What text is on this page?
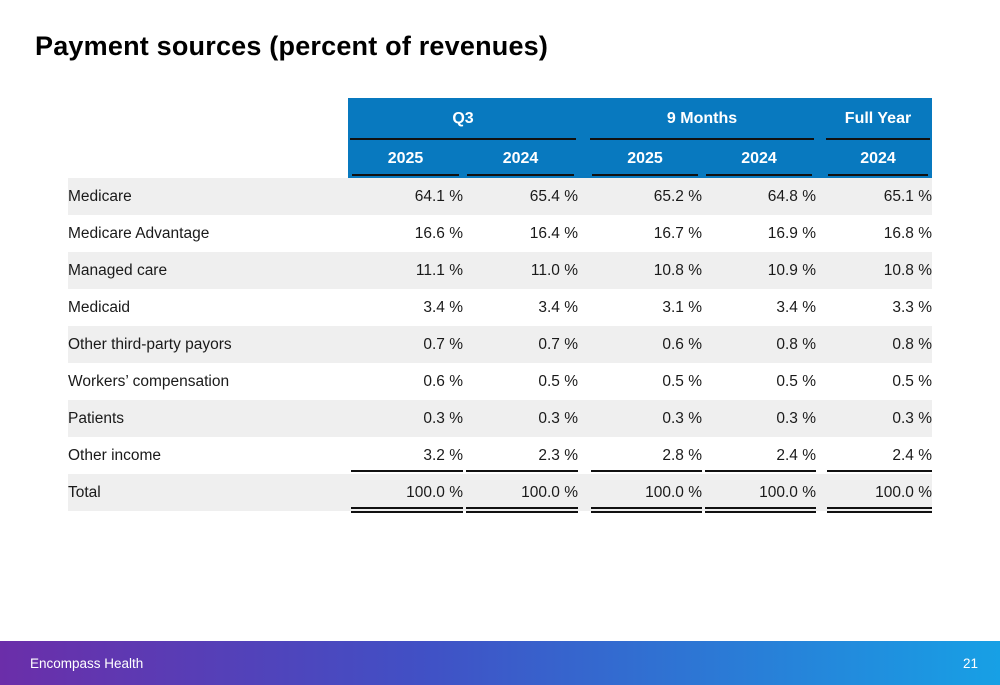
Payment sources (percent of revenues)
	Q3			9 Months			Full Year
	2025	2024		2025	2024		2024
Medicare	64.1 %	65.4 %		65.2 %	64.8 %		65.1 %
Medicare Advantage	16.6 %	16.4 %		16.7 %	16.9 %		16.8 %
Managed care	11.1 %	11.0 %		10.8 %	10.9 %		10.8 %
Medicaid	3.4 %	3.4 %		3.1 %	3.4 %		3.3 %
Other third-party payors	0.7 %	0.7 %		0.6 %	0.8 %		0.8 %
Workers’ compensation	0.6 %	0.5 %		0.5 %	0.5 %		0.5 %
Patients	0.3 %	0.3 %		0.3 %	0.3 %		0.3 %
Other income	3.2 %	2.3 %		2.8 %	2.4 %		2.4 %
Total	100.0 %	100.0 %		100.0 %	100.0 %		100.0 %
Encompass Health	21
